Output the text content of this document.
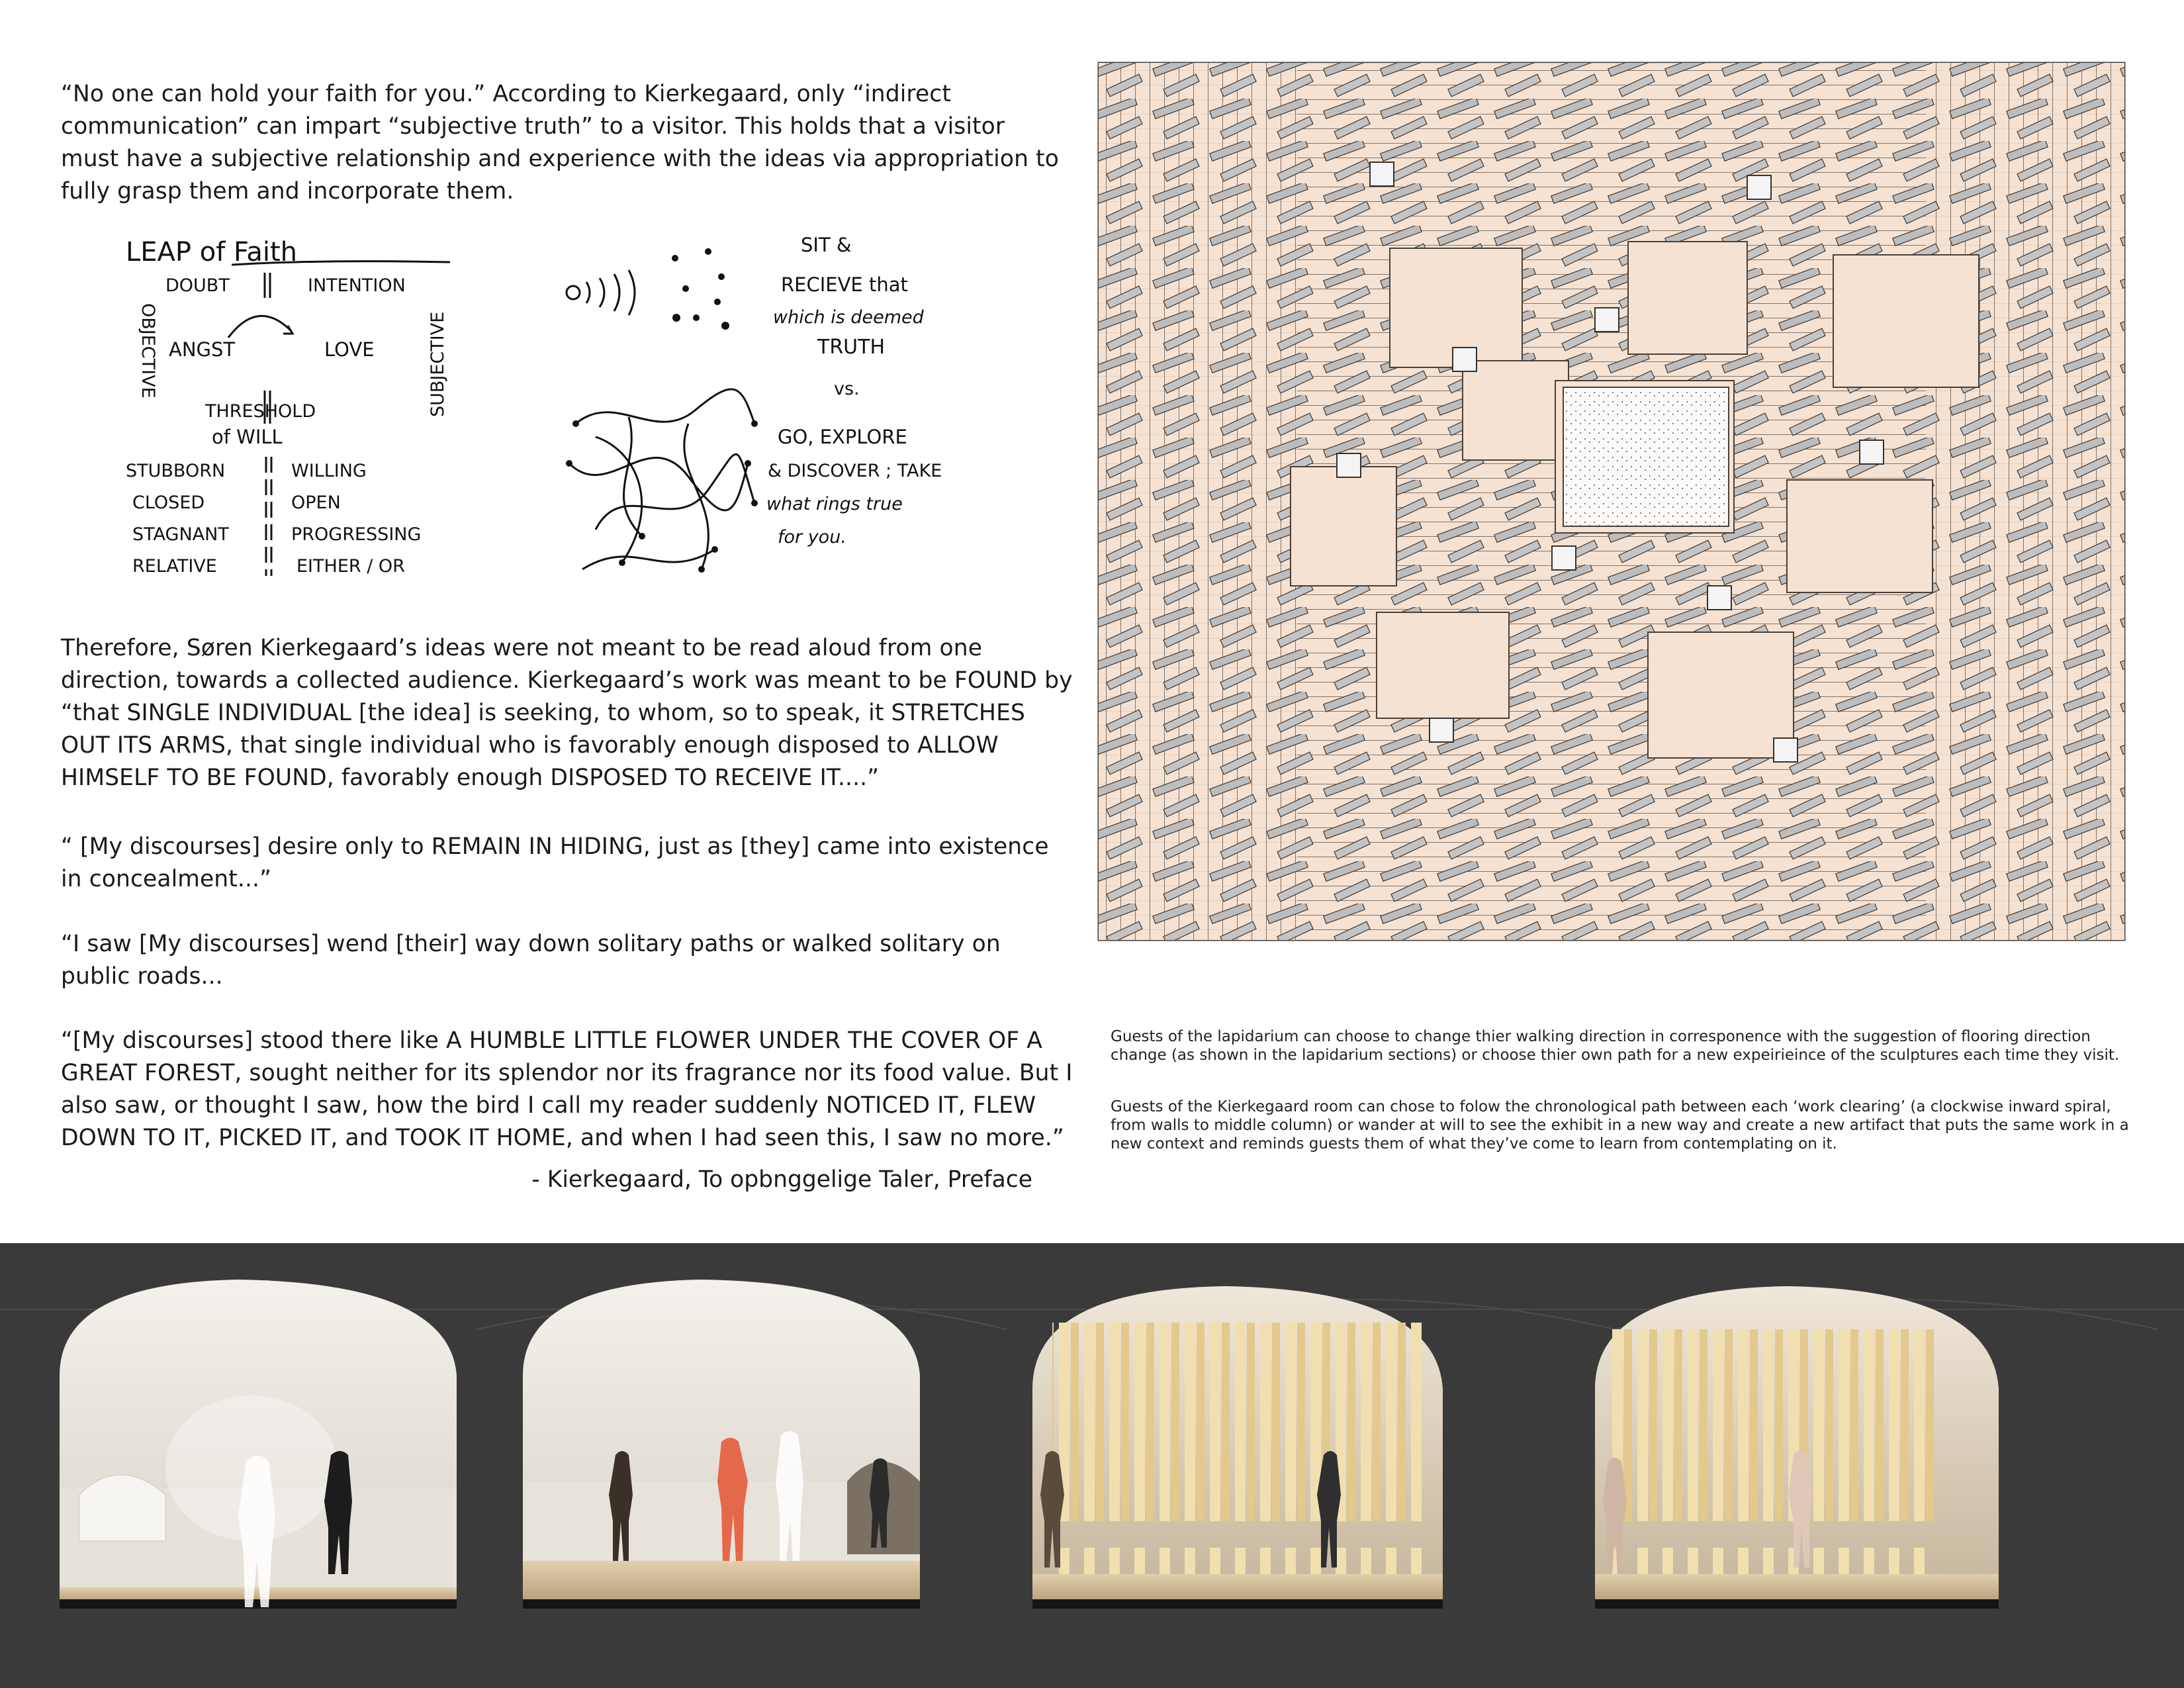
“No one can hold your faith for you.” According to Kierkegaard, only “indirect communication” can impart “subjective truth” to a visitor. This holds that a visitor must have a subjective relationship and experience with the ideas via appropriation to fully grasp them and incorporate them.
LEAP of Faith
DOUBT	INTENTION
ANGST	LOVE
OBJECTIVE	SUBJECTIVE
THRESHOLD
of WILL
STUBBORN	WILLING
CLOSED	OPEN
STAGNANT	PROGRESSING
RELATIVE	EITHER / OR
SIT &
RECIEVE that
which is deemed
TRUTH
vs.
GO, EXPLORE
& DISCOVER ; TAKE
what rings true
for you.
Therefore, Søren Kierkegaard’s ideas were not meant to be read aloud from one direction, towards a collected audience. Kierkegaard’s work was meant to be FOUND by “that SINGLE INDIVIDUAL [the idea] is seeking, to whom, so to speak, it STRETCHES OUT ITS ARMS, that single individual who is favorably enough disposed to ALLOW HIMSELF TO BE FOUND, favorably enough DISPOSED TO RECEIVE IT....”
“ [My discourses] desire only to REMAIN IN HIDING, just as [they] came into existence in concealment...”
“I saw [My discourses] wend [their] way down solitary paths or walked solitary on public roads...
“[My discourses] stood there like A HUMBLE LITTLE FLOWER UNDER THE COVER OF A GREAT FOREST, sought neither for its splendor nor its fragrance nor its food value. But I also saw, or thought I saw, how the bird I call my reader suddenly NOTICED IT, FLEW DOWN TO IT, PICKED IT, and TOOK IT HOME, and when I had seen this, I saw no more.”
- Kierkegaard, To opbnggelige Taler, Preface
Guests of the lapidarium can choose to change thier walking direction in corresponence with the suggestion of flooring direction change (as shown in the lapidarium sections) or choose thier own path for a new expeirieince of the sculptures each time they visit.
Guests of the Kierkegaard room can chose to folow the chronological path between each ‘work clearing’ (a clockwise inward spiral, from walls to middle column) or wander at will to see the exhibit in a new way and create a new artifact that puts the same work in a new context and reminds guests them of what they’ve come to learn from contemplating on it.
